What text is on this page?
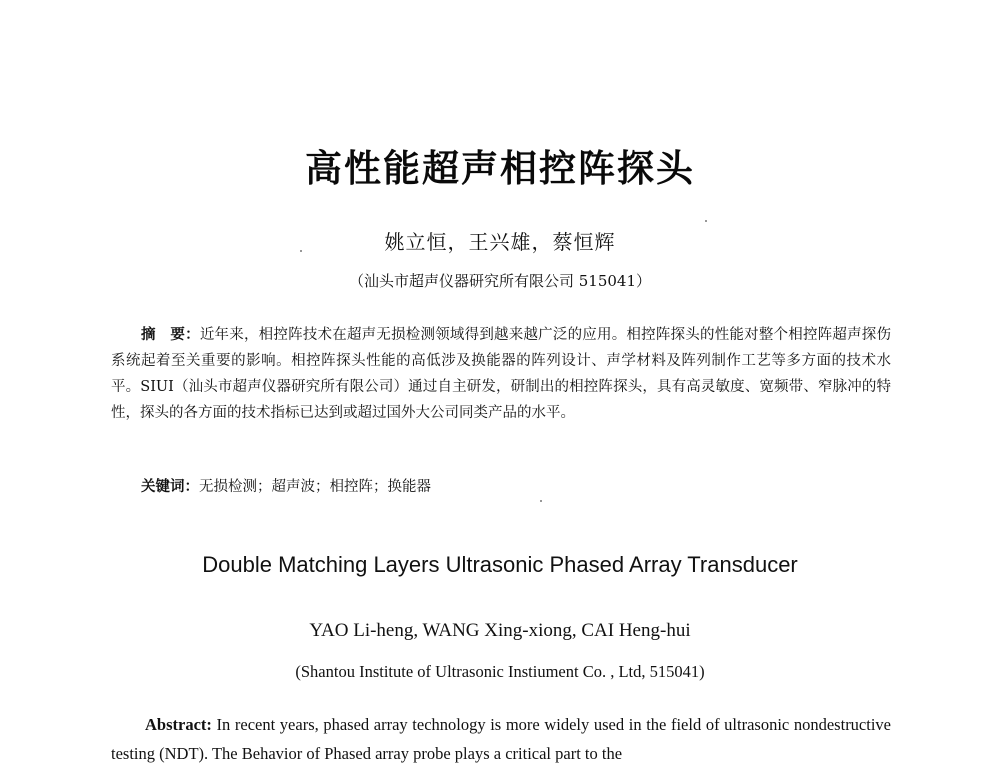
高性能超声相控阵探头
姚立恒，王兴雄，蔡恒辉
（汕头市超声仪器研究所有限公司 515041）
摘　要：近年来，相控阵技术在超声无损检测领域得到越来越广泛的应用。相控阵探头的性能对整个相控阵超声探伤系统起着至关重要的影响。相控阵探头性能的高低涉及换能器的阵列设计、声学材料及阵列制作工艺等多方面的技术水平。SIUI（汕头市超声仪器研究所有限公司）通过自主研发，研制出的相控阵探头，具有高灵敏度、宽频带、窄脉冲的特性，探头的各方面的技术指标已达到或超过国外大公司同类产品的水平。
关键词：无损检测；超声波；相控阵；换能器
Double Matching Layers Ultrasonic Phased Array Transducer
YAO Li-heng, WANG Xing-xiong, CAI Heng-hui
(Shantou Institute of Ultrasonic Instiument Co. , Ltd, 515041)
Abstract: In recent years, phased array technology is more widely used in the field of ultrasonic nondestructive testing (NDT). The Behavior of Phased array probe plays a critical part to the
